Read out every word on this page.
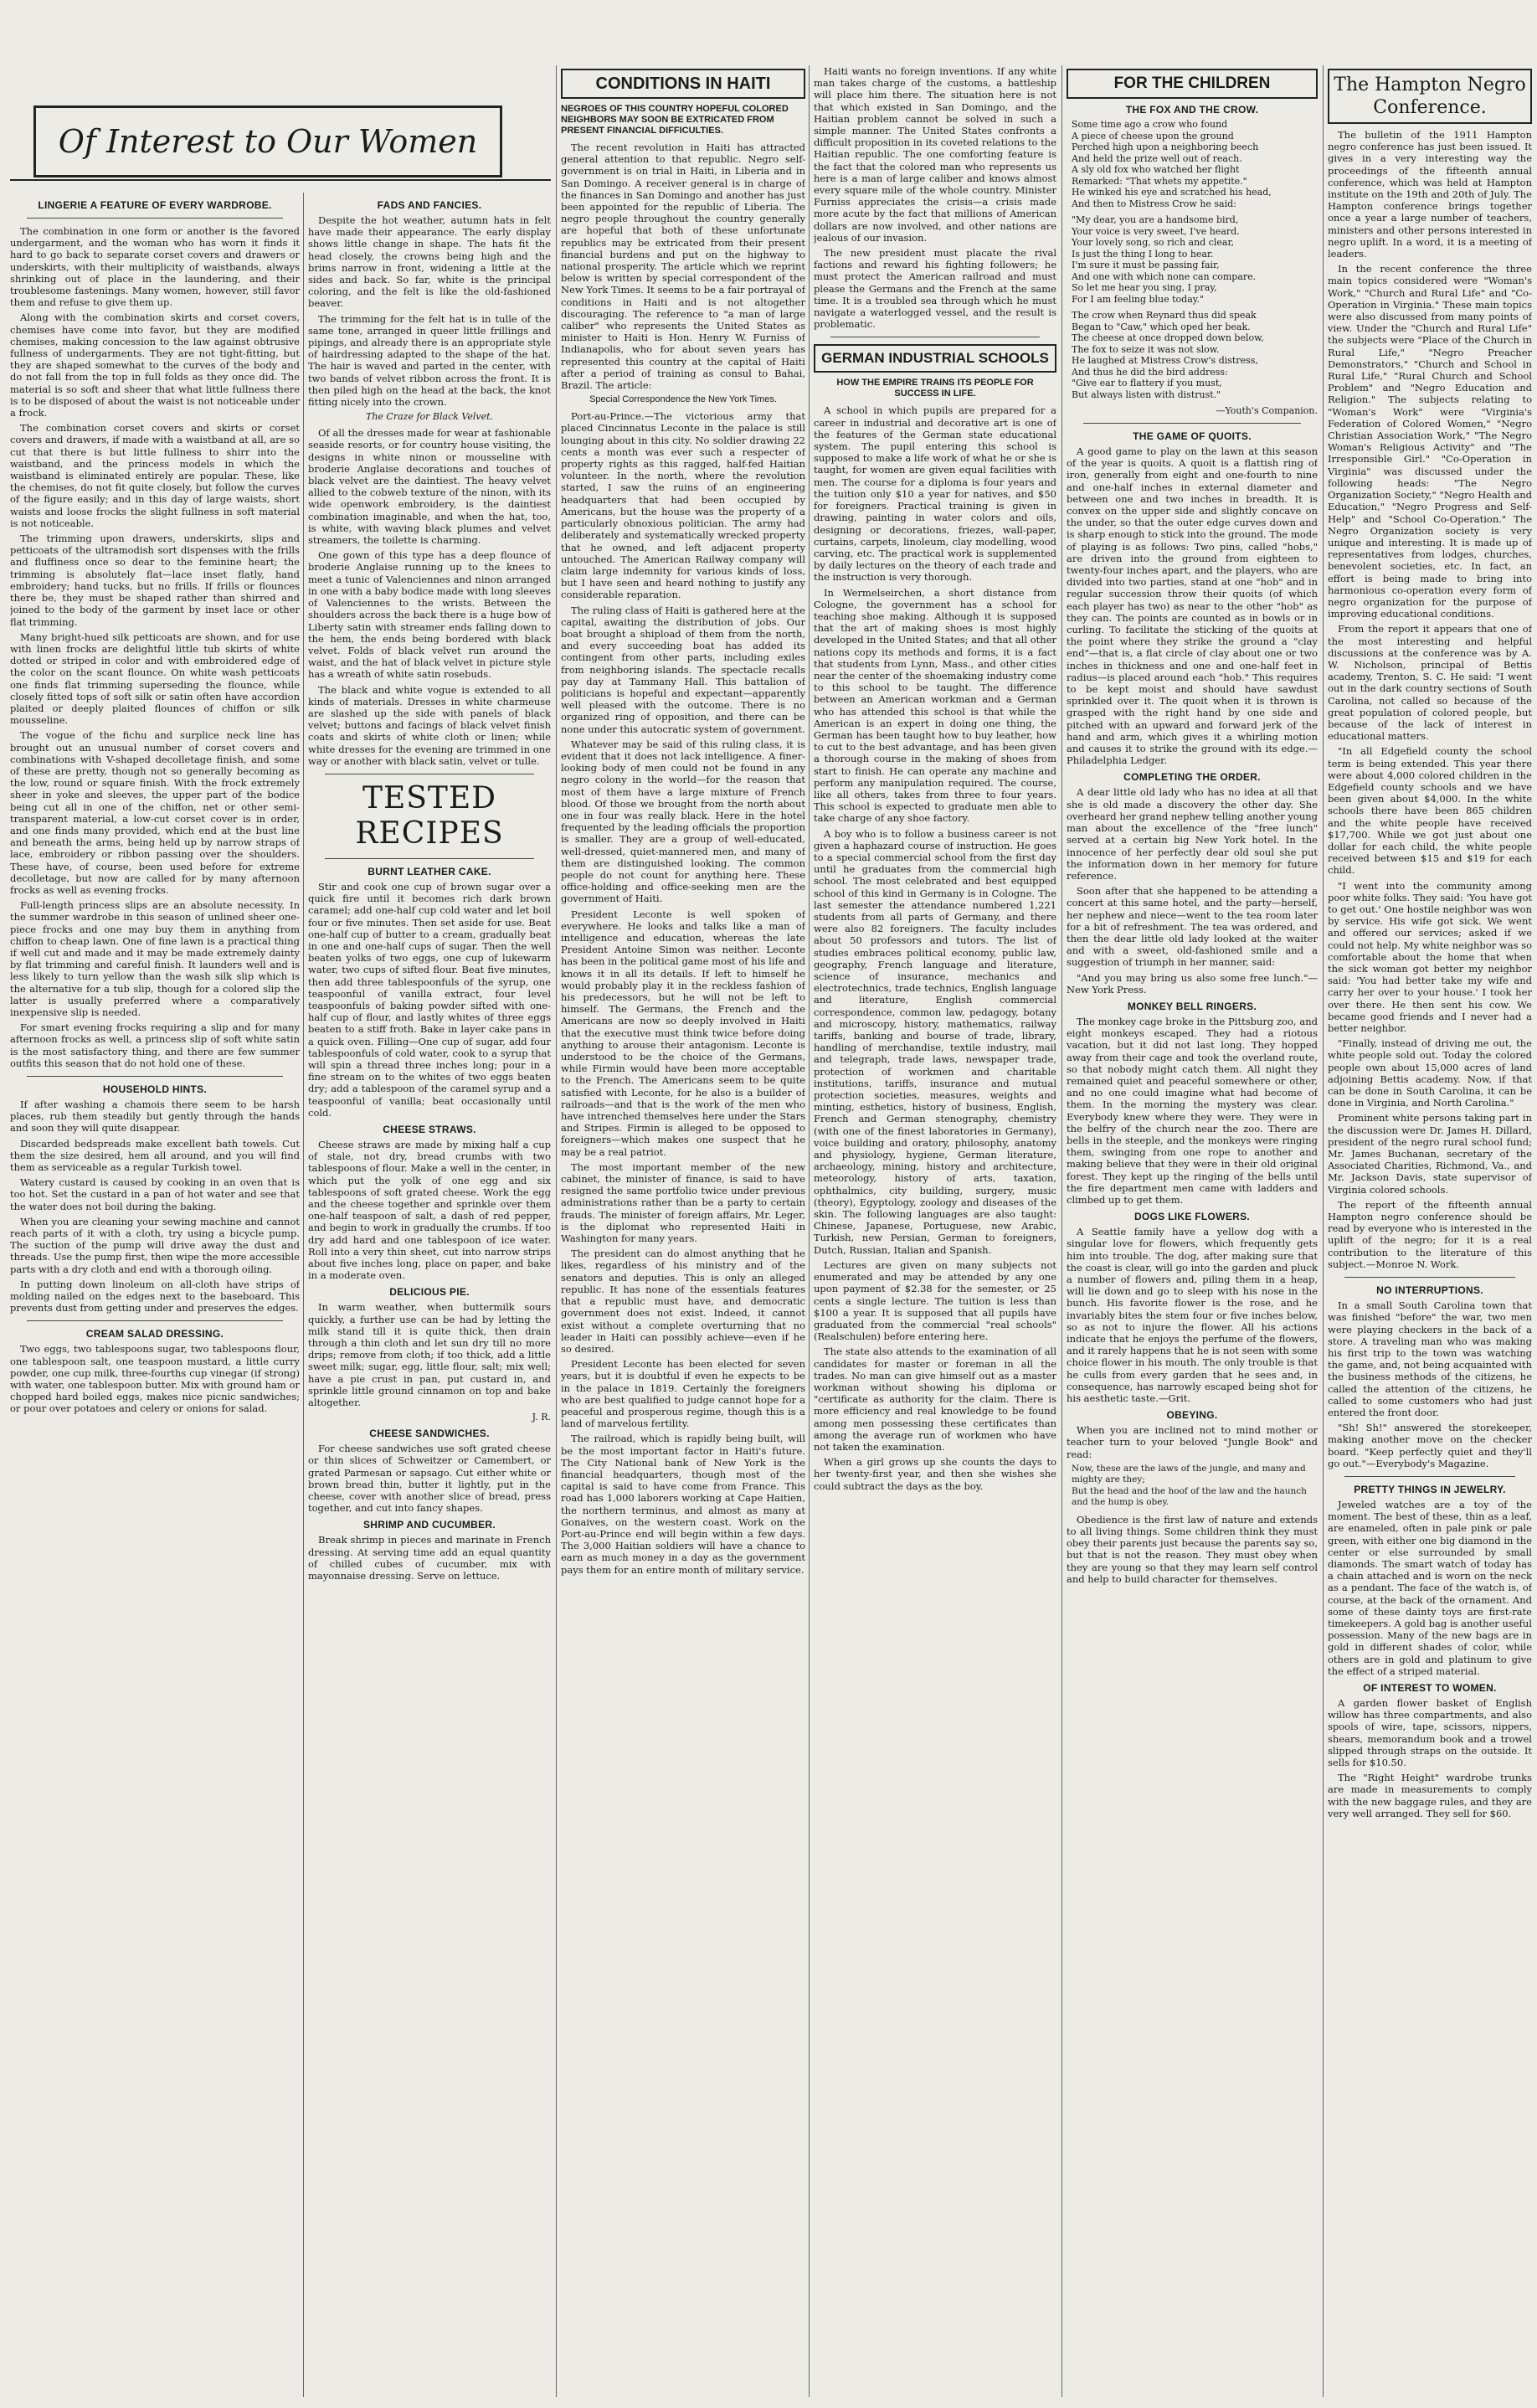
Of Interest to Our Women
LINGERIE A FEATURE OF EVERY WARDROBE.

The combination in one form or another is the favored undergarment, and the woman who has worn it finds it hard to go back to separate corset covers and drawers or underskirts, with their multiplicity of waistbands, always shrinking out of place in the laundering, and their troublesome fastenings. Many women, however, still favor them and refuse to give them up.

Along with the combination skirts and corset covers, chemises have come into favor, but they are modified chemises, making concession to the law against obtrusive fullness of undergarments. They are not tight-fitting, but they are shaped somewhat to the curves of the body and do not fall from the top in full folds as they once did. The material is so soft and sheer that what little fullness there is to be disposed of about the waist is not noticeable under a frock.

The combination corset covers and skirts or corset covers and drawers, if made with a waistband at all, are so cut that there is but little fullness to shirr into the waistband, and the princess models in which the waistband is eliminated entirely are popular. These, like the chemises, do not fit quite closely, but follow the curves of the figure easily; and in this day of large waists, short waists and loose frocks the slight fullness in soft material is not noticeable.

The trimming upon drawers, underskirts, slips and petticoats of the ultramodish sort dispenses with the frills and fluffiness once so dear to the feminine heart; the trimming is absolutely flat—lace inset flatly, hand embroidery; hand tucks, but no frills. If frills or flounces there be, they must be shaped rather than shirred and joined to the body of the garment by inset lace or other flat trimming.

Many bright-hued silk petticoats are shown, and for use with linen frocks are delightful little tub skirts of white dotted or striped in color and with embroidered edge of the color on the scant flounce. On white wash petticoats one finds flat trimming superseding the flounce, while closely fitted tops of soft silk or satin often have accordion plaited or deeply plaited flounces of chiffon or silk mousseline.

The vogue of the fichu and surplice neck line has brought out an unusual number of corset covers and combinations with V-shaped decolletage finish, and some of these are pretty, though not so generally becoming as the low, round or square finish. With the frock extremely sheer in yoke and sleeves, the upper part of the bodice being cut all in one of the chiffon, net or other semi-transparent material, a low-cut corset cover is in order, and one finds many provided, which end at the bust line and beneath the arms, being held up by narrow straps of lace, embroidery or ribbon passing over the shoulders. These have, of course, been used before for extreme decolletage, but now are called for by many afternoon frocks as well as evening frocks.

Full-length princess slips are an absolute necessity. In the summer wardrobe in this season of unlined sheer one-piece frocks and one may buy them in anything from chiffon to cheap lawn. One of fine lawn is a practical thing if well cut and made and it may be made extremely dainty by flat trimming and careful finish. It launders well and is less likely to turn yellow than the wash silk slip which is the alternative for a tub slip, though for a colored slip the latter is usually preferred where a comparatively inexpensive slip is needed.

For smart evening frocks requiring a slip and for many afternoon frocks as well, a princess slip of soft white satin is the most satisfactory thing, and there are few summer outfits this season that do not hold one of these.

HOUSEHOLD HINTS.

If after washing a chamois there seem to be harsh places, rub them steadily but gently through the hands and soon they will quite disappear.

Discarded bedspreads make excellent bath towels. Cut them the size desired, hem all around, and you will find them as serviceable as a regular Turkish towel.

Watery custard is caused by cooking in an oven that is too hot. Set the custard in a pan of hot water and see that the water does not boil during the baking.

When you are cleaning your sewing machine and cannot reach parts of it with a cloth, try using a bicycle pump. The suction of the pump will drive away the dust and threads. Use the pump first, then wipe the more accessible parts with a dry cloth and end with a thorough oiling.

In putting down linoleum on all-cloth have strips of molding nailed on the edges next to the baseboard. This prevents dust from getting under and preserves the edges.

CREAM SALAD DRESSING.

Two eggs, two tablespoons sugar, two tablespoons flour, one tablespoon salt, one teaspoon mustard, a little curry powder, one cup milk, three-fourths cup vinegar (if strong) with water, one tablespoon butter. Mix with ground ham or chopped hard boiled eggs, makes nice picnic sandwiches; or pour over potatoes and celery or onions for salad.

FADS AND FANCIES.

Despite the hot weather, autumn hats in felt have made their appearance. The early display shows little change in shape. The hats fit the head closely, the crowns being high and the brims narrow in front, widening a little at the sides and back. So far, white is the principal coloring, and the felt is like the old-fashioned beaver.

The trimming for the felt hat is in tulle of the same tone, arranged in queer little frillings and pipings, and already there is an appropriate style of hairdressing adapted to the shape of the hat. The hair is waved and parted in the center, with two bands of velvet ribbon across the front. It is then piled high on the head at the back, the knot fitting nicely into the crown.

The Craze for Black Velvet.

Of all the dresses made for wear at fashionable seaside resorts, or for country house visiting, the designs in white ninon or mousseline with broderie Anglaise decorations and touches of black velvet are the daintiest. The heavy velvet allied to the cobweb texture of the ninon, with its wide openwork embroidery, is the daintiest combination imaginable, and when the hat, too, is white, with waving black plumes and velvet streamers, the toilette is charming.

One gown of this type has a deep flounce of broderie Anglaise running up to the knees to meet a tunic of Valenciennes and ninon arranged in one with a baby bodice made with long sleeves of Valenciennes to the wrists. Between the shoulders across the back there is a huge bow of Liberty satin with streamer ends falling down to the hem, the ends being bordered with black velvet. Folds of black velvet run around the waist, and the hat of black velvet in picture style has a wreath of white satin rosebuds.

The black and white vogue is extended to all kinds of materials. Dresses in white charmeuse are slashed up the side with panels of black velvet; buttons and facings of black velvet finish coats and skirts of white cloth or linen; while white dresses for the evening are trimmed in one way or another with black satin, velvet or tulle.

TESTED RECIPES
BURNT LEATHER CAKE.

Stir and cook one cup of brown sugar over a quick fire until it becomes rich dark brown caramel; add one-half cup cold water and let boil four or five minutes. Then set aside for use. Beat one-half cup of butter to a cream, gradually beat in one and one-half cups of sugar. Then the well beaten yolks of two eggs, one cup of lukewarm water, two cups of sifted flour. Beat five minutes, then add three tablespoonfuls of the syrup, one teaspoonful of vanilla extract, four level teaspoonfuls of baking powder sifted with one-half cup of flour, and lastly whites of three eggs beaten to a stiff froth. Bake in layer cake pans in a quick oven. Filling—One cup of sugar, add four tablespoonfuls of cold water, cook to a syrup that will spin a thread three inches long; pour in a fine stream on to the whites of two eggs beaten dry; add a tablespoon of the caramel syrup and a teaspoonful of vanilla; beat occasionally until cold.

CHEESE STRAWS.

Cheese straws are made by mixing half a cup of stale, not dry, bread crumbs with two tablespoons of flour. Make a well in the center, in which put the yolk of one egg and six tablespoons of soft grated cheese. Work the egg and the cheese together and sprinkle over them one-half teaspoon of salt, a dash of red pepper, and begin to work in gradually the crumbs. If too dry add hard and one tablespoon of ice water. Roll into a very thin sheet, cut into narrow strips about five inches long, place on paper, and bake in a moderate oven.

DELICIOUS PIE.

In warm weather, when buttermilk sours quickly, a further use can be had by letting the milk stand till it is quite thick, then drain through a thin cloth and let sun dry till no more drips; remove from cloth; if too thick, add a little sweet milk; sugar, egg, little flour, salt; mix well; have a pie crust in pan, put custard in, and sprinkle little ground cinnamon on top and bake altogether.

J. R.
CHEESE SANDWICHES.

For cheese sandwiches use soft grated cheese or thin slices of Schweitzer or Camembert, or grated Parmesan or sapsago. Cut either white or brown bread thin, butter it lightly, put in the cheese, cover with another slice of bread, press together, and cut into fancy shapes.

SHRIMP AND CUCUMBER.

Break shrimp in pieces and marinate in French dressing. At serving time add an equal quantity of chilled cubes of cucumber, mix with mayonnaise dressing. Serve on lettuce.

CONDITIONS IN HAITI
NEGROES OF THIS COUNTRY HOPEFUL COLORED NEIGHBORS MAY SOON BE EXTRICATED FROM PRESENT FINANCIAL DIFFICULTIES.

The recent revolution in Haiti has attracted general attention to that republic. Negro self-government is on trial in Haiti, in Liberia and in San Domingo. A receiver general is in charge of the finances in San Domingo and another has just been appointed for the republic of Liberia. The negro people throughout the country generally are hopeful that both of these unfortunate republics may be extricated from their present financial burdens and put on the highway to national prosperity. The article which we reprint below is written by special correspondent of the New York Times. It seems to be a fair portrayal of conditions in Haiti and is not altogether discouraging. The reference to "a man of large caliber" who represents the United States as minister to Haiti is Hon. Henry W. Furniss of Indianapolis, who for about seven years has represented this country at the capital of Haiti after a period of training as consul to Bahai, Brazil. The article:

Special Correspondence the New York Times.

Port-au-Prince.—The victorious army that placed Cincinnatus Leconte in the palace is still lounging about in this city. No soldier drawing 22 cents a month was ever such a respecter of property rights as this ragged, half-fed Haitian volunteer. In the north, where the revolution started, I saw the ruins of an engineering headquarters that had been occupied by Americans, but the house was the property of a particularly obnoxious politician. The army had deliberately and systematically wrecked property that he owned, and left adjacent property untouched. The American Railway company will claim large indemnity for various kinds of loss, but I have seen and heard nothing to justify any considerable reparation.

The ruling class of Haiti is gathered here at the capital, awaiting the distribution of jobs. Our boat brought a shipload of them from the north, and every succeeding boat has added its contingent from other parts, including exiles from neighboring islands. The spectacle recalls pay day at Tammany Hall. This battalion of politicians is hopeful and expectant—apparently well pleased with the outcome. There is no organized ring of opposition, and there can be none under this autocratic system of government.

Whatever may be said of this ruling class, it is evident that it does not lack intelligence. A finer-looking body of men could not be found in any negro colony in the world—for the reason that most of them have a large mixture of French blood. Of those we brought from the north about one in four was really black. Here in the hotel frequented by the leading officials the proportion is smaller. They are a group of well-educated, well-dressed, quiet-mannered men, and many of them are distinguished looking. The common people do not count for anything here. These office-holding and office-seeking men are the government of Haiti.

President Leconte is well spoken of everywhere. He looks and talks like a man of intelligence and education, whereas the late President Antoine Simon was neither. Leconte has been in the political game most of his life and knows it in all its details. If left to himself he would probably play it in the reckless fashion of his predecessors, but he will not be left to himself. The Germans, the French and the Americans are now so deeply involved in Haiti that the executive must think twice before doing anything to arouse their antagonism. Leconte is understood to be the choice of the Germans, while Firmin would have been more acceptable to the French. The Americans seem to be quite satisfied with Leconte, for he also is a builder of railroads—and that is the work of the men who have intrenched themselves here under the Stars and Stripes. Firmin is alleged to be opposed to foreigners—which makes one suspect that he may be a real patriot.

The most important member of the new cabinet, the minister of finance, is said to have resigned the same portfolio twice under previous administrations rather than be a party to certain frauds. The minister of foreign affairs, Mr. Leger, is the diplomat who represented Haiti in Washington for many years.

The president can do almost anything that he likes, regardless of his ministry and of the senators and deputies. This is only an alleged republic. It has none of the essentials features that a republic must have, and democratic government does not exist. Indeed, it cannot exist without a complete overturning that no leader in Haiti can possibly achieve—even if he so desired.

President Leconte has been elected for seven years, but it is doubtful if even he expects to be in the palace in 1819. Certainly the foreigners who are best qualified to judge cannot hope for a peaceful and prosperous regime, though this is a land of marvelous fertility.

The railroad, which is rapidly being built, will be the most important factor in Haiti's future. The City National bank of New York is the financial headquarters, though most of the capital is said to have come from France. This road has 1,000 laborers working at Cape Haitien, the northern terminus, and almost as many at Gonaives, on the western coast. Work on the Port-au-Prince end will begin within a few days. The 3,000 Haitian soldiers will have a chance to earn as much money in a day as the government pays them for an entire month of military service.

Haiti wants no foreign inventions. If any white man takes charge of the customs, a battleship will place him there. The situation here is not that which existed in San Domingo, and the Haitian problem cannot be solved in such a simple manner. The United States confronts a difficult proposition in its coveted relations to the Haitian republic. The one comforting feature is the fact that the colored man who represents us here is a man of large caliber and knows almost every square mile of the whole country. Minister Furniss appreciates the crisis—a crisis made more acute by the fact that millions of American dollars are now involved, and other nations are jealous of our invasion.

The new president must placate the rival factions and reward his fighting followers; he must protect the American railroad and must please the Germans and the French at the same time. It is a troubled sea through which he must navigate a waterlogged vessel, and the result is problematic.

GERMAN INDUSTRIAL SCHOOLS
HOW THE EMPIRE TRAINS ITS PEOPLE FOR SUCCESS IN LIFE.

A school in which pupils are prepared for a career in industrial and decorative art is one of the features of the German state educational system. The pupil entering this school is supposed to make a life work of what he or she is taught, for women are given equal facilities with men. The course for a diploma is four years and the tuition only $10 a year for natives, and $50 for foreigners. Practical training is given in drawing, painting in water colors and oils, designing or decorations, friezes, wall-paper, curtains, carpets, linoleum, clay modelling, wood carving, etc. The practical work is supplemented by daily lectures on the theory of each trade and the instruction is very thorough.

In Wermelseirchen, a short distance from Cologne, the government has a school for teaching shoe making. Although it is supposed that the art of making shoes is most highly developed in the United States; and that all other nations copy its methods and forms, it is a fact that students from Lynn, Mass., and other cities near the center of the shoemaking industry come to this school to be taught. The difference between an American workman and a German who has attended this school is that while the American is an expert in doing one thing, the German has been taught how to buy leather, how to cut to the best advantage, and has been given a thorough course in the making of shoes from start to finish. He can operate any machine and perform any manipulation required. The course, like all others, takes from three to four years. This school is expected to graduate men able to take charge of any shoe factory.

A boy who is to follow a business career is not given a haphazard course of instruction. He goes to a special commercial school from the first day until he graduates from the commercial high school. The most celebrated and best equipped school of this kind in Germany is in Cologne. The last semester the attendance numbered 1,221 students from all parts of Germany, and there were also 82 foreigners. The faculty includes about 50 professors and tutors. The list of studies embraces political economy, public law, geography, French language and literature, science of insurance, mechanics and electrotechnics, trade technics, English language and literature, English commercial correspondence, common law, pedagogy, botany and microscopy, history, mathematics, railway tariffs, banking and bourse of trade, library, handling of merchandise, textile industry, mail and telegraph, trade laws, newspaper trade, protection of workmen and charitable institutions, tariffs, insurance and mutual protection societies, measures, weights and minting, esthetics, history of business, English, French and German stenography, chemistry (with one of the finest laboratories in Germany), voice building and oratory, philosophy, anatomy and physiology, hygiene, German literature, archaeology, mining, history and architecture, meteorology, history of arts, taxation, ophthalmics, city building, surgery, music (theory), Egyptology, zoology and diseases of the skin. The following languages are also taught: Chinese, Japanese, Portuguese, new Arabic, Turkish, new Persian, German to foreigners, Dutch, Russian, Italian and Spanish.

Lectures are given on many subjects not enumerated and may be attended by any one upon payment of $2.38 for the semester, or 25 cents a single lecture. The tuition is less than $100 a year. It is supposed that all pupils have graduated from the commercial "real schools" (Realschulen) before entering here.

The state also attends to the examination of all candidates for master or foreman in all the trades. No man can give himself out as a master workman without showing his diploma or "certificate as authority for the claim. There is more efficiency and real knowledge to be found among men possessing these certificates than among the average run of workmen who have not taken the examination.

When a girl grows up she counts the days to her twenty-first year, and then she wishes she could subtract the days as the boy.

FOR THE CHILDREN
THE FOX AND THE CROW.
Some time ago a crow who found
A piece of cheese upon the ground
Perched high upon a neighboring beech
And held the prize well out of reach.
A sly old fox who watched her flight
Remarked: "That whets my appetite."
He winked his eye and scratched his head,
And then to Mistress Crow he said:
"My dear, you are a handsome bird,
Your voice is very sweet, I've heard.
Your lovely song, so rich and clear,
Is just the thing I long to hear.
I'm sure it must be passing fair,
And one with which none can compare.
So let me hear you sing, I pray,
For I am feeling blue today."
The crow when Reynard thus did speak
Began to "Caw," which oped her beak.
The cheese at once dropped down below,
The fox to seize it was not slow.
He laughed at Mistress Crow's distress,
And thus he did the bird address:
"Give ear to flattery if you must,
But always listen with distrust."
—Youth's Companion.
THE GAME OF QUOITS.

A good game to play on the lawn at this season of the year is quoits. A quoit is a flattish ring of iron, generally from eight and one-fourth to nine and one-half inches in external diameter and between one and two inches in breadth. It is convex on the upper side and slightly concave on the under, so that the outer edge curves down and is sharp enough to stick into the ground. The mode of playing is as follows: Two pins, called "hobs," are driven into the ground from eighteen to twenty-four inches apart, and the players, who are divided into two parties, stand at one "hob" and in regular succession throw their quoits (of which each player has two) as near to the other "hob" as they can. The points are counted as in bowls or in curling. To facilitate the sticking of the quoits at the point where they strike the ground a "clay end"—that is, a flat circle of clay about one or two inches in thickness and one and one-half feet in radius—is placed around each "hob." This requires to be kept moist and should have sawdust sprinkled over it. The quoit when it is thrown is grasped with the right hand by one side and pitched with an upward and forward jerk of the hand and arm, which gives it a whirling motion and causes it to strike the ground with its edge.—Philadelphia Ledger.

COMPLETING THE ORDER.

A dear little old lady who has no idea at all that she is old made a discovery the other day. She overheard her grand nephew telling another young man about the excellence of the "free lunch" served at a certain big New York hotel. In the innocence of her perfectly dear old soul she put the information down in her memory for future reference.

Soon after that she happened to be attending a concert at this same hotel, and the party—herself, her nephew and niece—went to the tea room later for a bit of refreshment. The tea was ordered, and then the dear little old lady looked at the waiter and with a sweet, old-fashioned smile and a suggestion of triumph in her manner, said:

"And you may bring us also some free lunch."—New York Press.

MONKEY BELL RINGERS.

The monkey cage broke in the Pittsburg zoo, and eight monkeys escaped. They had a riotous vacation, but it did not last long. They hopped away from their cage and took the overland route, so that nobody might catch them. All night they remained quiet and peaceful somewhere or other, and no one could imagine what had become of them. In the morning the mystery was clear. Everybody knew where they were. They were in the belfry of the church near the zoo. There are bells in the steeple, and the monkeys were ringing them, swinging from one rope to another and making believe that they were in their old original forest. They kept up the ringing of the bells until the fire department men came with ladders and climbed up to get them.

DOGS LIKE FLOWERS.

A Seattle family have a yellow dog with a singular love for flowers, which frequently gets him into trouble. The dog, after making sure that the coast is clear, will go into the garden and pluck a number of flowers and, piling them in a heap, will lie down and go to sleep with his nose in the bunch. His favorite flower is the rose, and he invariably bites the stem four or five inches below, so as not to injure the flower. All his actions indicate that he enjoys the perfume of the flowers, and it rarely happens that he is not seen with some choice flower in his mouth. The only trouble is that he culls from every garden that he sees and, in consequence, has narrowly escaped being shot for his aesthetic taste.—Grit.

OBEYING.

When you are inclined not to mind mother or teacher turn to your beloved "Jungle Book" and read:

Now, these are the laws of the jungle, and many and mighty are they;
But the head and the hoof of the law and the haunch and the hump is obey.

Obedience is the first law of nature and extends to all living things. Some children think they must obey their parents just because the parents say so, but that is not the reason. They must obey when they are young so that they may learn self control and help to build character for themselves.

The Hampton Negro Conference.

The bulletin of the 1911 Hampton negro conference has just been issued. It gives in a very interesting way the proceedings of the fifteenth annual conference, which was held at Hampton institute on the 19th and 20th of July. The Hampton conference brings together once a year a large number of teachers, ministers and other persons interested in negro uplift. In a word, it is a meeting of leaders.

In the recent conference the three main topics considered were "Woman's Work," "Church and Rural Life" and "Co-Operation in Virginia." These main topics were also discussed from many points of view. Under the "Church and Rural Life" the subjects were "Place of the Church in Rural Life," "Negro Preacher Demonstrators," "Church and School in Rural Life," "Rural Church and School Problem" and "Negro Education and Religion." The subjects relating to "Woman's Work" were "Virginia's Federation of Colored Women," "Negro Christian Association Work," "The Negro Woman's Religious Activity" and "The Irresponsible Girl." "Co-Operation in Virginia" was discussed under the following heads: "The Negro Organization Society," "Negro Health and Education," "Negro Progress and Self-Help" and "School Co-Operation." The Negro Organization society is very unique and interesting. It is made up of representatives from lodges, churches, benevolent societies, etc. In fact, an effort is being made to bring into harmonious co-operation every form of negro organization for the purpose of improving educational conditions.

From the report it appears that one of the most interesting and helpful discussions at the conference was by A. W. Nicholson, principal of Bettis academy, Trenton, S. C. He said: "I went out in the dark country sections of South Carolina, not called so because of the great population of colored people, but because of the lack of interest in educational matters.

"In all Edgefield county the school term is being extended. This year there were about 4,000 colored children in the Edgefield county schools and we have been given about $4,000. In the white schools there have been 865 children and the white people have received $17,700. While we got just about one dollar for each child, the white people received between $15 and $19 for each child.

"I went into the community among poor white folks. They said: 'You have got to get out.' One hostile neighbor was won by service. His wife got sick. We went and offered our services; asked if we could not help. My white neighbor was so comfortable about the home that when the sick woman got better my neighbor said: 'You had better take my wife and carry her over to your house.' I took her over there. He then sent his cow. We became good friends and I never had a better neighbor.

"Finally, instead of driving me out, the white people sold out. Today the colored people own about 15,000 acres of land adjoining Bettis academy. Now, if that can be done in South Carolina, it can be done in Virginia, and North Carolina."

Prominent white persons taking part in the discussion were Dr. James H. Dillard, president of the negro rural school fund; Mr. James Buchanan, secretary of the Associated Charities, Richmond, Va., and Mr. Jackson Davis, state supervisor of Virginia colored schools.

The report of the fifteenth annual Hampton negro conference should be read by everyone who is interested in the uplift of the negro; for it is a real contribution to the literature of this subject.—Monroe N. Work.

NO INTERRUPTIONS.

In a small South Carolina town that was finished "before" the war, two men were playing checkers in the back of a store. A traveling man who was making his first trip to the town was watching the game, and, not being acquainted with the business methods of the citizens, he called the attention of the citizens, he called to some customers who had just entered the front door.

"Sh! Sh!" answered the storekeeper, making another move on the checker board. "Keep perfectly quiet and they'll go out."—Everybody's Magazine.

PRETTY THINGS IN JEWELRY.

Jeweled watches are a toy of the moment. The best of these, thin as a leaf, are enameled, often in pale pink or pale green, with either one big diamond in the center or else surrounded by small diamonds. The smart watch of today has a chain attached and is worn on the neck as a pendant. The face of the watch is, of course, at the back of the ornament. And some of these dainty toys are first-rate timekeepers. A gold bag is another useful possession. Many of the new bags are in gold in different shades of color, while others are in gold and platinum to give the effect of a striped material.

OF INTEREST TO WOMEN.

A garden flower basket of English willow has three compartments, and also spools of wire, tape, scissors, nippers, shears, memorandum book and a trowel slipped through straps on the outside. It sells for $10.50.

The "Right Height" wardrobe trunks are made in measurements to comply with the new baggage rules, and they are very well arranged. They sell for $60.
